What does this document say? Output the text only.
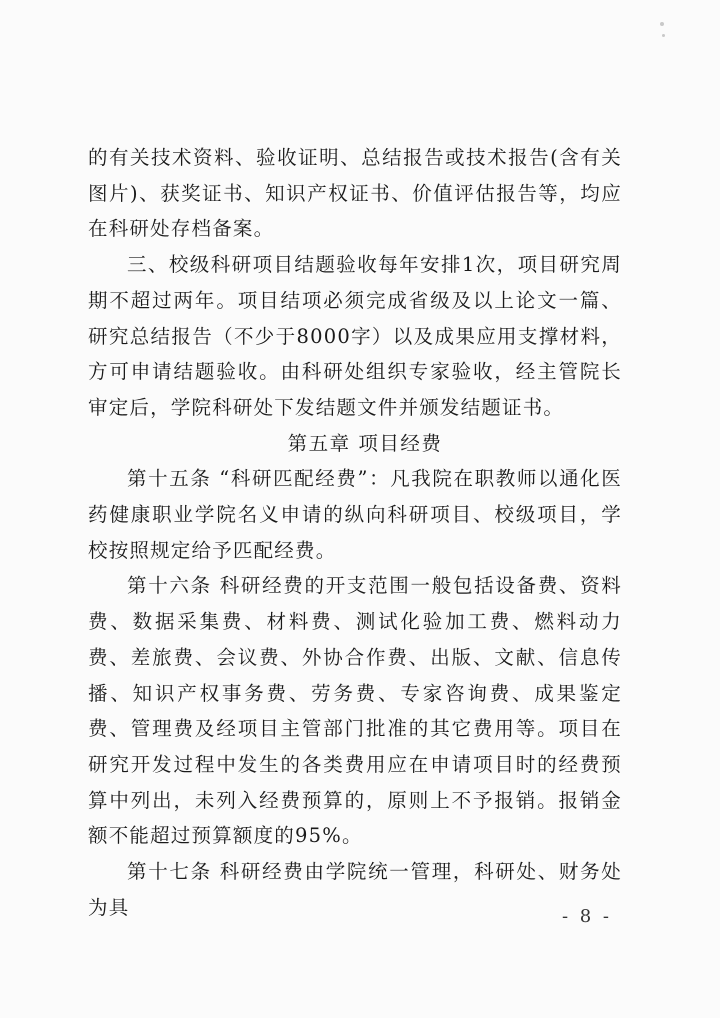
的有关技术资料、验收证明、总结报告或技术报告(含有关图片)、获奖证书、知识产权证书、价值评估报告等，均应在科研处存档备案。

三、校级科研项目结题验收每年安排1次，项目研究周期不超过两年。项目结项必须完成省级及以上论文一篇、研究总结报告（不少于8000字）以及成果应用支撑材料，方可申请结题验收。由科研处组织专家验收，经主管院长审定后，学院科研处下发结题文件并颁发结题证书。

第五章 项目经费

第十五条 “科研匹配经费”：凡我院在职教师以通化医药健康职业学院名义申请的纵向科研项目、校级项目，学校按照规定给予匹配经费。

第十六条 科研经费的开支范围一般包括设备费、资料费、数据采集费、材料费、测试化验加工费、燃料动力费、差旅费、会议费、外协合作费、出版、文献、信息传播、知识产权事务费、劳务费、专家咨询费、成果鉴定费、管理费及经项目主管部门批准的其它费用等。项目在研究开发过程中发生的各类费用应在申请项目时的经费预算中列出，未列入经费预算的，原则上不予报销。报销金额不能超过预算额度的95%。

第十七条 科研经费由学院统一管理，科研处、财务处为具	- 8 -
